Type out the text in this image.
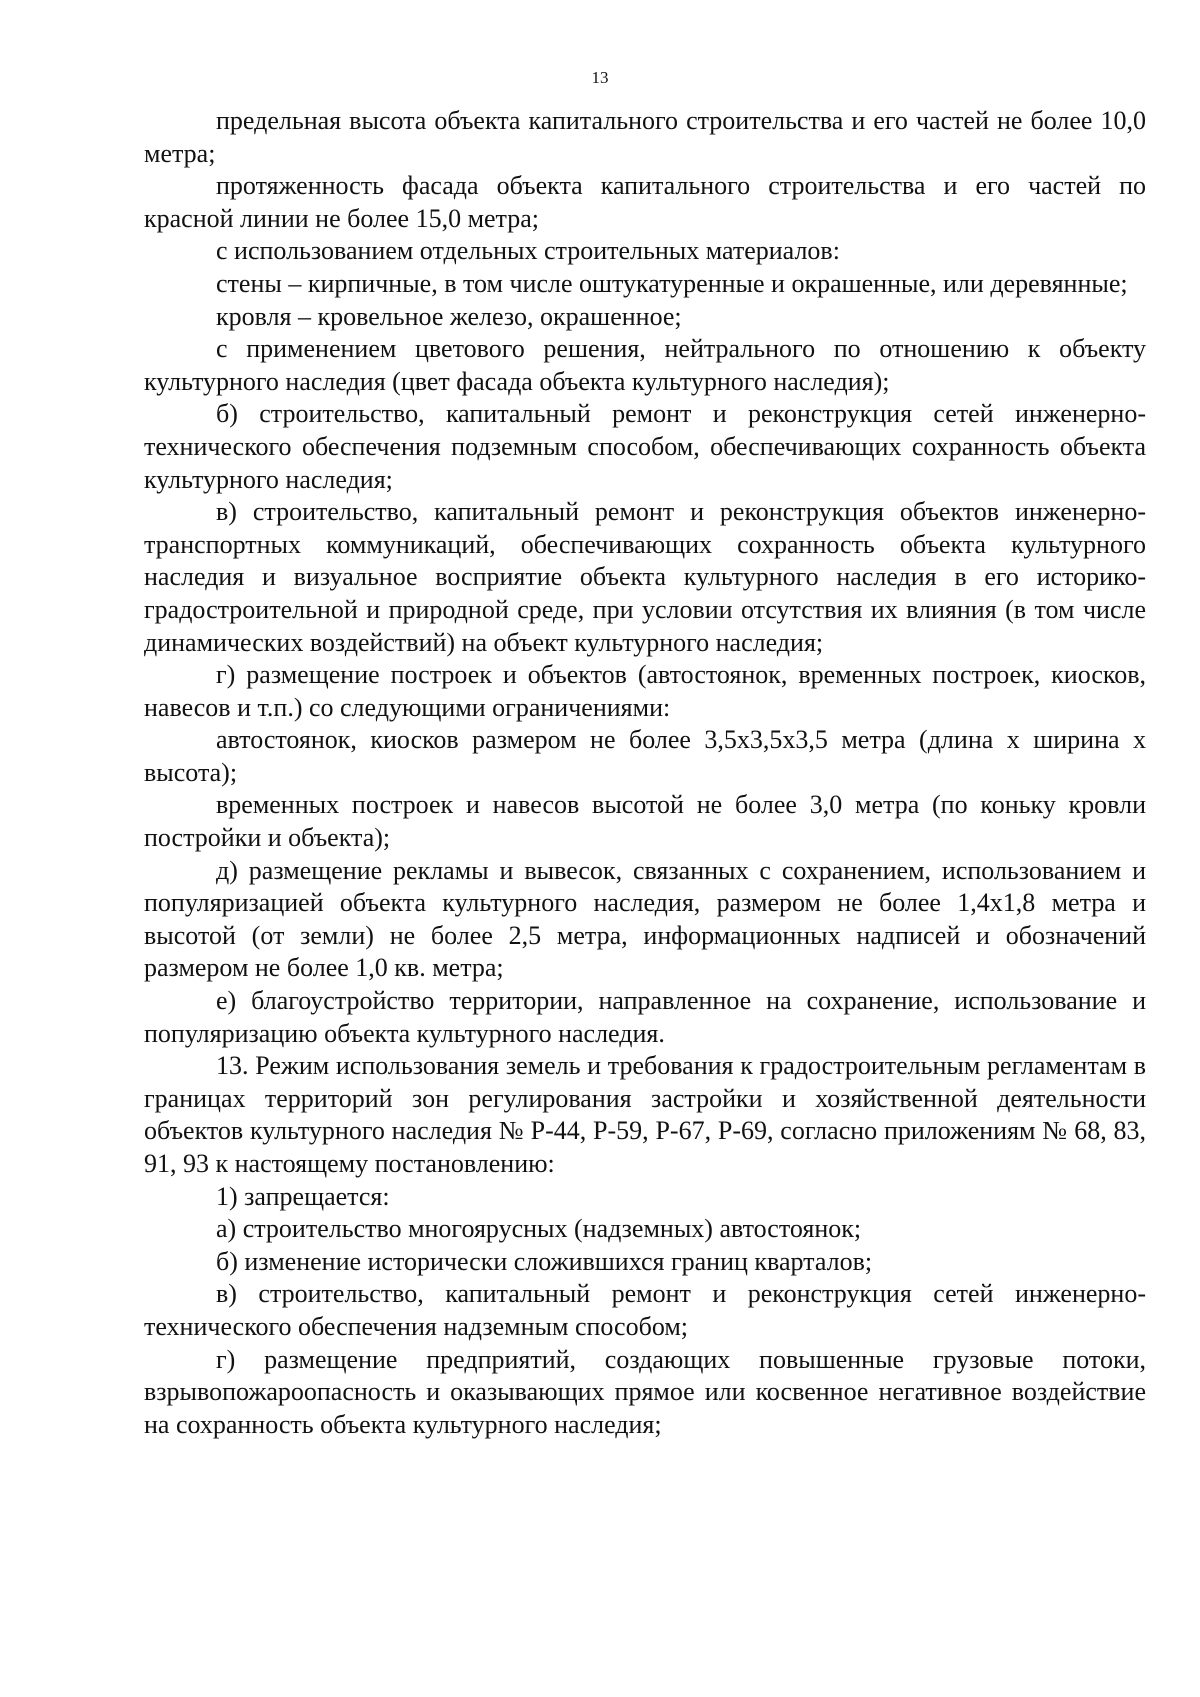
13

предельная высота объекта капитального строительства и его частей не более 10,0 метра;

протяженность фасада объекта капитального строительства и его частей по красной линии не более 15,0 метра;

с использованием отдельных строительных материалов:

стены – кирпичные, в том числе оштукатуренные и окрашенные, или деревянные;

кровля – кровельное железо, окрашенное;

с применением цветового решения, нейтрального по отношению к объекту культурного наследия (цвет фасада объекта культурного наследия);

б) строительство, капитальный ремонт и реконструкция сетей инженерно-технического обеспечения подземным способом, обеспечивающих сохранность объекта культурного наследия;

в) строительство, капитальный ремонт и реконструкция объектов инженерно-транспортных коммуникаций, обеспечивающих сохранность объекта культурного наследия и визуальное восприятие объекта культурного наследия в его историко-градостроительной и природной среде, при условии отсутствия их влияния (в том числе динамических воздействий) на объект культурного наследия;

г) размещение построек и объектов (автостоянок, временных построек, киосков, навесов и т.п.) со следующими ограничениями:

автостоянок, киосков размером не более 3,5х3,5х3,5 метра (длина х ширина х высота);

временных построек и навесов высотой не более 3,0 метра (по коньку кровли постройки и объекта);

д) размещение рекламы и вывесок, связанных с сохранением, использованием и популяризацией объекта культурного наследия, размером не более 1,4х1,8 метра и высотой (от земли) не более 2,5 метра, информационных надписей и обозначений размером не более 1,0 кв. метра;

е) благоустройство территории, направленное на сохранение, использование и популяризацию объекта культурного наследия.

13. Режим использования земель и требования к градостроительным регламентам в границах территорий зон регулирования застройки и хозяйственной деятельности объектов культурного наследия № Р-44, Р-59, Р-67, Р-69, согласно приложениям № 68, 83, 91, 93 к настоящему постановлению:

1) запрещается:

а) строительство многоярусных (надземных) автостоянок;

б) изменение исторически сложившихся границ кварталов;

в) строительство, капитальный ремонт и реконструкция сетей инженерно-технического обеспечения надземным способом;

г) размещение предприятий, создающих повышенные грузовые потоки, взрывопожароопасность и оказывающих прямое или косвенное негативное воздействие на сохранность объекта культурного наследия;
